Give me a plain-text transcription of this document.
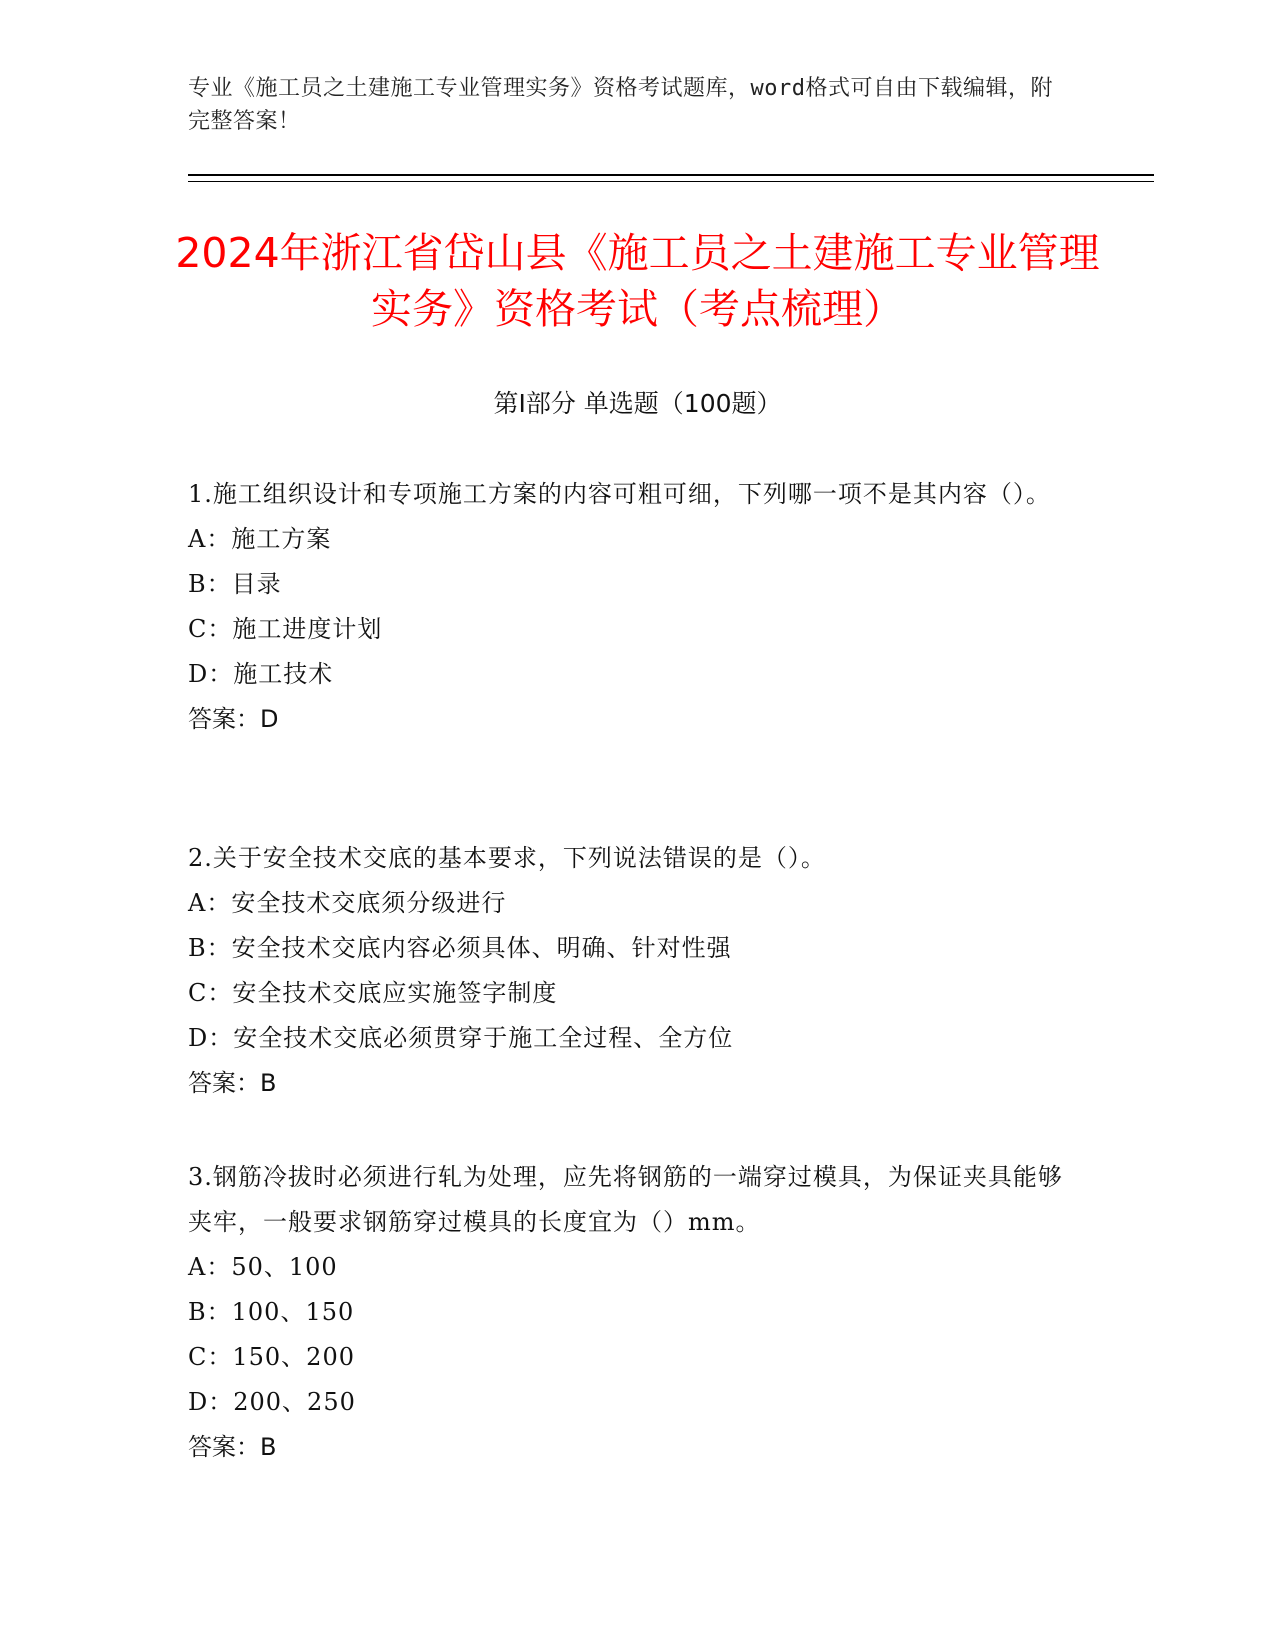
专业《施工员之土建施工专业管理实务》资格考试题库，word格式可自由下载编辑，附完整答案！
2024年浙江省岱山县《施工员之土建施工专业管理实务》资格考试（考点梳理）
第Ⅰ部分 单选题（100题）
1.施工组织设计和专项施工方案的内容可粗可细，下列哪一项不是其内容（）。
A：施工方案
B：目录
C：施工进度计划
D：施工技术
答案：D
2.关于安全技术交底的基本要求，下列说法错误的是（）。
A：安全技术交底须分级进行
B：安全技术交底内容必须具体、明确、针对性强
C：安全技术交底应实施签字制度
D：安全技术交底必须贯穿于施工全过程、全方位
答案：B
3.钢筋冷拔时必须进行轧为处理，应先将钢筋的一端穿过模具，为保证夹具能够夹牢，一般要求钢筋穿过模具的长度宜为（）mm。
A：50、100
B：100、150
C：150、200
D：200、250
答案：B
